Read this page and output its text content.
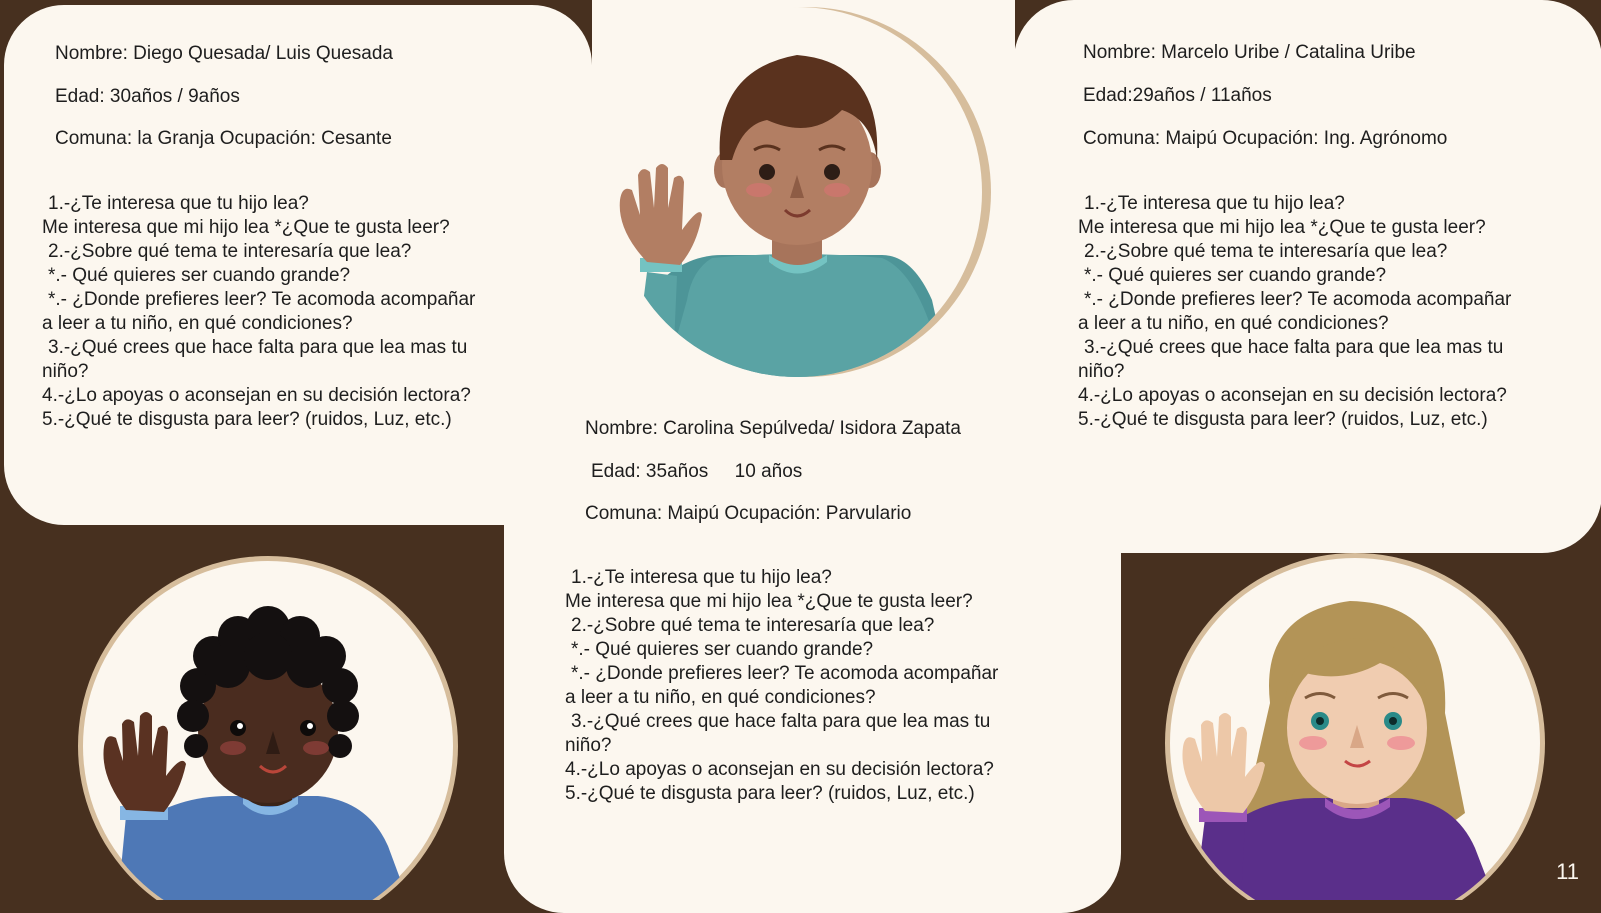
Nombre: Diego Quesada/ Luis Quesada
Edad: 30años / 9años
Comuna: la Granja Ocupación: Cesante
1.-¿Te interesa que tu hijo lea?
Me interesa que mi hijo lea *¿Que te gusta leer?
2.-¿Sobre qué tema te interesaría que lea?
*.- Qué quieres ser cuando grande?
*.- ¿Donde prefieres leer? Te acomoda acompañar
a leer a tu niño, en qué condiciones?
3.-¿Qué crees que hace falta para que lea mas tu
niño?
4.-¿Lo apoyas o aconsejan en su decisión lectora?
5.-¿Qué te disgusta para leer? (ruidos, Luz, etc.)
Nombre: Marcelo Uribe / Catalina Uribe
Edad:29años / 11años
Comuna: Maipú Ocupación: Ing. Agrónomo
1.-¿Te interesa que tu hijo lea?
Me interesa que mi hijo lea *¿Que te gusta leer?
2.-¿Sobre qué tema te interesaría que lea?
*.- Qué quieres ser cuando grande?
*.- ¿Donde prefieres leer? Te acomoda acompañar
a leer a tu niño, en qué condiciones?
3.-¿Qué crees que hace falta para que lea mas tu
niño?
4.-¿Lo apoyas o aconsejan en su decisión lectora?
5.-¿Qué te disgusta para leer? (ruidos, Luz, etc.)
Nombre: Carolina Sepúlveda/ Isidora Zapata
Edad: 35años     10 años
Comuna: Maipú Ocupación: Parvulario
1.-¿Te interesa que tu hijo lea?
Me interesa que mi hijo lea *¿Que te gusta leer?
2.-¿Sobre qué tema te interesaría que lea?
*.- Qué quieres ser cuando grande?
*.- ¿Donde prefieres leer? Te acomoda acompañar
a leer a tu niño, en qué condiciones?
3.-¿Qué crees que hace falta para que lea mas tu
niño?
4.-¿Lo apoyas o aconsejan en su decisión lectora?
5.-¿Qué te disgusta para leer? (ruidos, Luz, etc.)
11
